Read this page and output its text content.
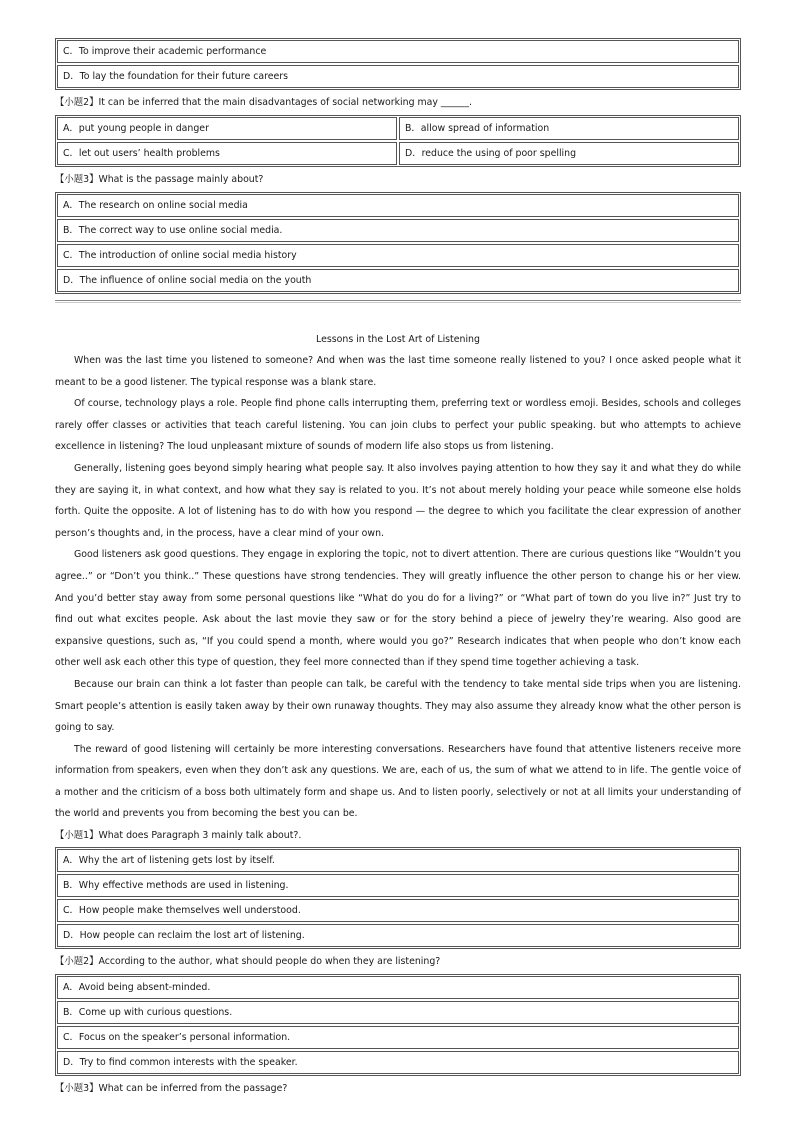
C．To improve their academic performance
D．To lay the foundation for their future careers
【小题2】It can be inferred that the main disadvantages of social networking may ______.
A．put young people in danger	B．allow spread of information
C．let out users’ health problems	D．reduce the using of poor spelling
【小题3】What is the passage mainly about?
A．The research on online social media
B．The correct way to use online social media.
C．The introduction of online social media history
D．The influence of online social media on the youth
Lessons in the Lost Art of Listening

When was the last time you listened to someone? And when was the last time someone really listened to you? I once asked people what it meant to be a good listener. The typical response was a blank stare.

Of course, technology plays a role. People find phone calls interrupting them, preferring text or wordless emoji. Besides, schools and colleges rarely offer classes or activities that teach careful listening. You can join clubs to perfect your public speaking. but who attempts to achieve excellence in listening? The loud unpleasant mixture of sounds of modern life also stops us from listening.

Generally, listening goes beyond simply hearing what people say. It also involves paying attention to how they say it and what they do while they are saying it, in what context, and how what they say is related to you. It’s not about merely holding your peace while someone else holds forth. Quite the opposite. A lot of listening has to do with how you respond — the degree to which you facilitate the clear expression of another person’s thoughts and, in the process, have a clear mind of your own.

Good listeners ask good questions. They engage in exploring the topic, not to divert attention. There are curious questions like “Wouldn’t you agree..” or “Don’t you think..” These questions have strong tendencies. They will greatly influence the other person to change his or her view. And you’d better stay away from some personal questions like “What do you do for a living?” or “What part of town do you live in?” Just try to find out what excites people. Ask about the last movie they saw or for the story behind a piece of jewelry they’re wearing. Also good are expansive questions, such as, “If you could spend a month, where would you go?” Research indicates that when people who don’t know each other well ask each other this type of question, they feel more connected than if they spend time together achieving a task.

Because our brain can think a lot faster than people can talk, be careful with the tendency to take mental side trips when you are listening. Smart people’s attention is easily taken away by their own runaway thoughts. They may also assume they already know what the other person is going to say.

The reward of good listening will certainly be more interesting conversations. Researchers have found that attentive listeners receive more information from speakers, even when they don’t ask any questions. We are, each of us, the sum of what we attend to in life. The gentle voice of a mother and the criticism of a boss both ultimately form and shape us. And to listen poorly, selectively or not at all limits your understanding of the world and prevents you from becoming the best you can be.

【小题1】What does Paragraph 3 mainly talk about?.
A．Why the art of listening gets lost by itself.
B．Why effective methods are used in listening.
C．How people make themselves well understood.
D．How people can reclaim the lost art of listening.
【小题2】According to the author, what should people do when they are listening?
A．Avoid being absent-minded.
B．Come up with curious questions.
C．Focus on the speaker’s personal information.
D．Try to find common interests with the speaker.
【小题3】What can be inferred from the passage?
